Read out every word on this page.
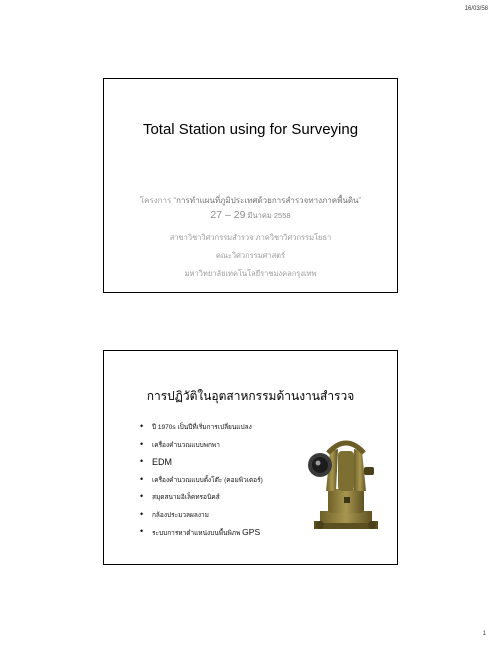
16/03/58
Total Station using for Surveying
โครงการ “การทำแผนที่ภูมิประเทศด้วยการสำรวจทางภาคพื้นดิน”
27 – 29 มีนาคม 2558
สาขาวิชาวิศวกรรมสำรวจ ภาควิชาวิศวกรรมโยธา
คณะวิศวกรรมศาสตร์
มหาวิทยาลัยเทคโนโลยีราชมงคลกรุงเทพ
การปฏิวัติในอุตสาหกรรมด้านงานสำรวจ
• ปี 1970s เป็นปีที่เริ่มการเปลี่ยนแปลง
• เครื่องคำนวณแบบพกพา
• EDM
• เครื่องคำนวณแบบตั้งโต๊ะ (คอมพิวเตอร์)
• สมุดสนามอิเล็คทรอนิคส์
• กล้องประมวลผลงาม
• ระบบการหาตำแหน่งบนพื้นพิภพ GPS
1
